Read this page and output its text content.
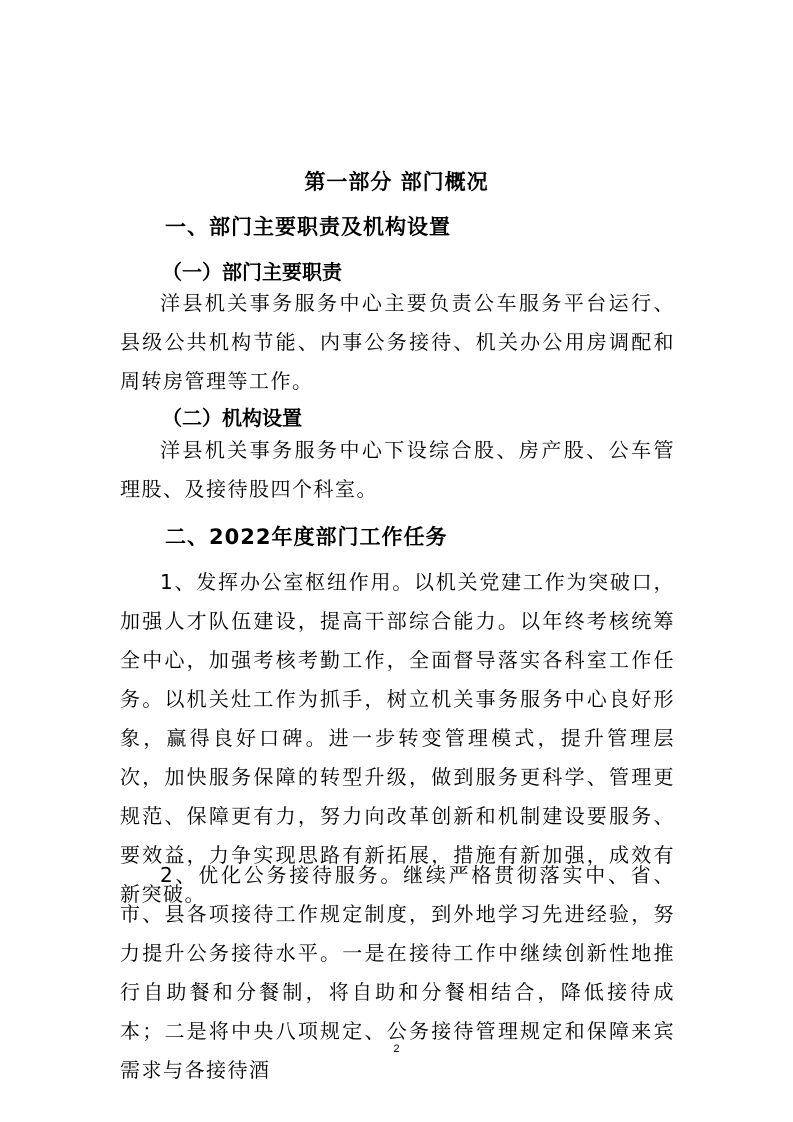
第一部分 部门概况
一、部门主要职责及机构设置
（一）部门主要职责
洋县机关事务服务中心主要负责公车服务平台运行、县级公共机构节能、内事公务接待、机关办公用房调配和周转房管理等工作。
（二）机构设置
洋县机关事务服务中心下设综合股、房产股、公车管理股、及接待股四个科室。
二、2022年度部门工作任务
1、发挥办公室枢纽作用。以机关党建工作为突破口，加强人才队伍建设，提高干部综合能力。以年终考核统筹全中心，加强考核考勤工作，全面督导落实各科室工作任务。以机关灶工作为抓手，树立机关事务服务中心良好形象，赢得良好口碑。进一步转变管理模式，提升管理层次，加快服务保障的转型升级，做到服务更科学、管理更规范、保障更有力，努力向改革创新和机制建设要服务、要效益，力争实现思路有新拓展，措施有新加强，成效有新突破。
2、优化公务接待服务。继续严格贯彻落实中、省、市、县各项接待工作规定制度，到外地学习先进经验，努力提升公务接待水平。一是在接待工作中继续创新性地推行自助餐和分餐制，将自助和分餐相结合，降低接待成本；二是将中央八项规定、公务接待管理规定和保障来宾需求与各接待酒
2
